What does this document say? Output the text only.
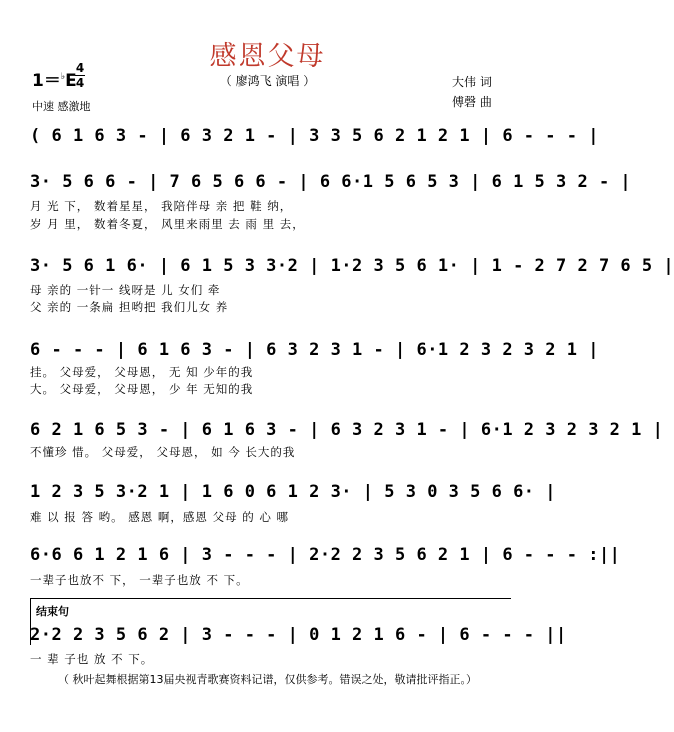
感恩父母
（ 廖鸿飞 演唱 ）
1＝♭E
4
4
中速 感激地
大伟 词
傅磬 曲
( 6 1 6 3 - | 6 3 2 1 - | 3 3 5 6 2 1 2 1 | 6 - - - |
3· 5 6 6 - | 7 6 5 6 6 - | 6 6·1 5 6 5 3 | 6 1 5 3 2 - |
月 光 下， 数着星星， 我陪伴母 亲 把 鞋 纳，
岁 月 里， 数着冬夏， 风里来雨里 去 雨 里 去，
3· 5 6 1 6· | 6 1 5 3 3·2 | 1·2 3 5 6 1· | 1 - 2 7 2 7 6 5 |
母 亲的 一针一 线呀是 儿 女们 牵
父 亲的 一条扁 担哟把 我们儿女 养
6 - - - | 6 1 6 3 - | 6 3 2 3 1 - | 6·1 2 3 2 3 2 1 |
挂。 父母爱， 父母恩， 无 知 少年的我
大。 父母爱， 父母恩， 少 年 无知的我
6 2 1 6 5 3 - | 6 1 6 3 - | 6 3 2 3 1 - | 6·1 2 3 2 3 2 1 |
不懂珍 惜。 父母爱， 父母恩， 如 今 长大的我
1 2 3 5 3·2 1 | 1 6 0 6 1 2 3· | 5 3 0 3 5 6 6· |
难 以 报 答 哟。 感恩 啊，感恩 父母 的 心 哪
6·6 6 1 2 1 6 | 3 - - - | 2·2 2 3 5 6 2 1 | 6 - - - :||
一辈子也放不 下， 一辈子也放 不 下。
结束句
2·2 2 3 5 6 2 | 3 - - - | 0 1 2 1 6 - | 6 - - - ||
一 辈 子也 放 不 下。
（ 秋叶起舞根据第13届央视青歌赛资料记谱，仅供参考。错误之处，敬请批评指正。）
